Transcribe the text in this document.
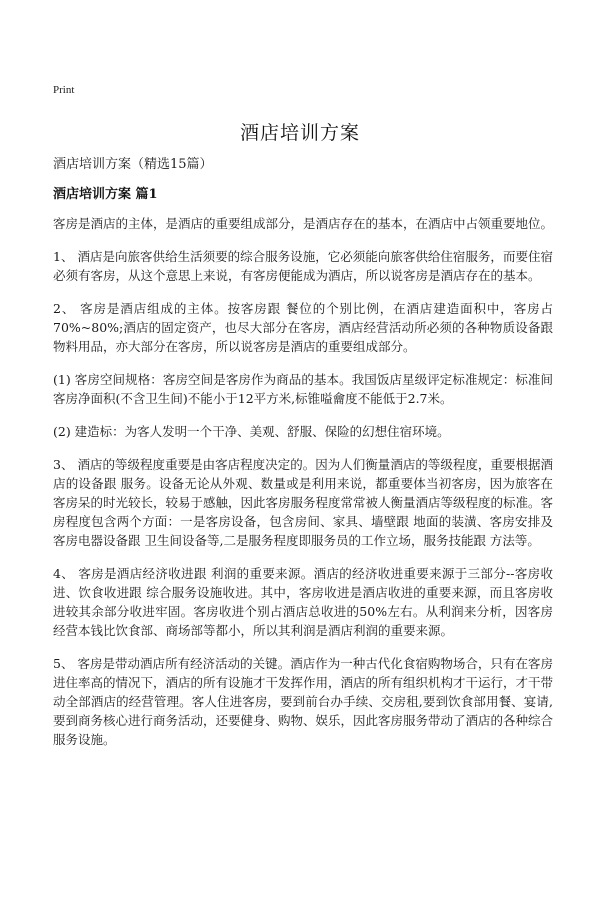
Print
酒店培训方案
酒店培训方案（精选15篇）
酒店培训方案 篇1

客房是酒店的主体，是酒店的重要组成部分，是酒店存在的基本，在酒店中占领重要地位。

1、 酒店是向旅客供给生活须要的综合服务设施，它必须能向旅客供给住宿服务，而要住宿必须有客房，从这个意思上来说，有客房便能成为酒店，所以说客房是酒店存在的基本。

2、 客房是酒店组成的主体。按客房跟 餐位的个别比例，在酒店建造面积中，客房占70%~80%;酒店的固定资产，也尽大部分在客房，酒店经营活动所必须的各种物质设备跟 物料用品，亦大部分在客房，所以说客房是酒店的重要组成部分。

(1) 客房空间规格：客房空间是客房作为商品的基本。我国饭店星级评定标准规定：标准间客房净面积(不含卫生间)不能小于12平方米,标锥嗌龠度不能低于2.7米。

(2) 建造标：为客人发明一个干净、美观、舒服、保险的幻想住宿环境。

3、 酒店的等级程度重要是由客店程度决定的。因为人们衡量酒店的等级程度，重要根据酒店的设备跟 服务。设备无论从外观、数量或是利用来说，都重要体当初客房，因为旅客在客房呆的时光较长，较易于感触，因此客房服务程度常常被人衡量酒店等级程度的标准。客房程度包含两个方面：一是客房设备，包含房间、家具、墙壁跟 地面的装潢、客房安排及客房电器设备跟 卫生间设备等,二是服务程度即服务员的工作立场，服务技能跟 方法等。

4、 客房是酒店经济收进跟 利润的重要来源。酒店的经济收进重要来源于三部分--客房收进、饮食收进跟 综合服务设施收进。其中，客房收进是酒店收进的重要来源，而且客房收进较其余部分收进牢固。客房收进个别占酒店总收进的50%左右。从利润来分析，因客房经营本钱比饮食部、商场部等都小，所以其利润是酒店利润的重要来源。

5、 客房是带动酒店所有经济活动的关键。酒店作为一种古代化食宿购物场合，只有在客房进住率高的情况下，酒店的所有设施才干发挥作用，酒店的所有组织机构才干运行，才干带动全部酒店的经营管理。客人住进客房，要到前台办手续、交房租,要到饮食部用餐、宴请,要到商务核心进行商务活动，还要健身、购物、娱乐，因此客房服务带动了酒店的各种综合服务设施。
